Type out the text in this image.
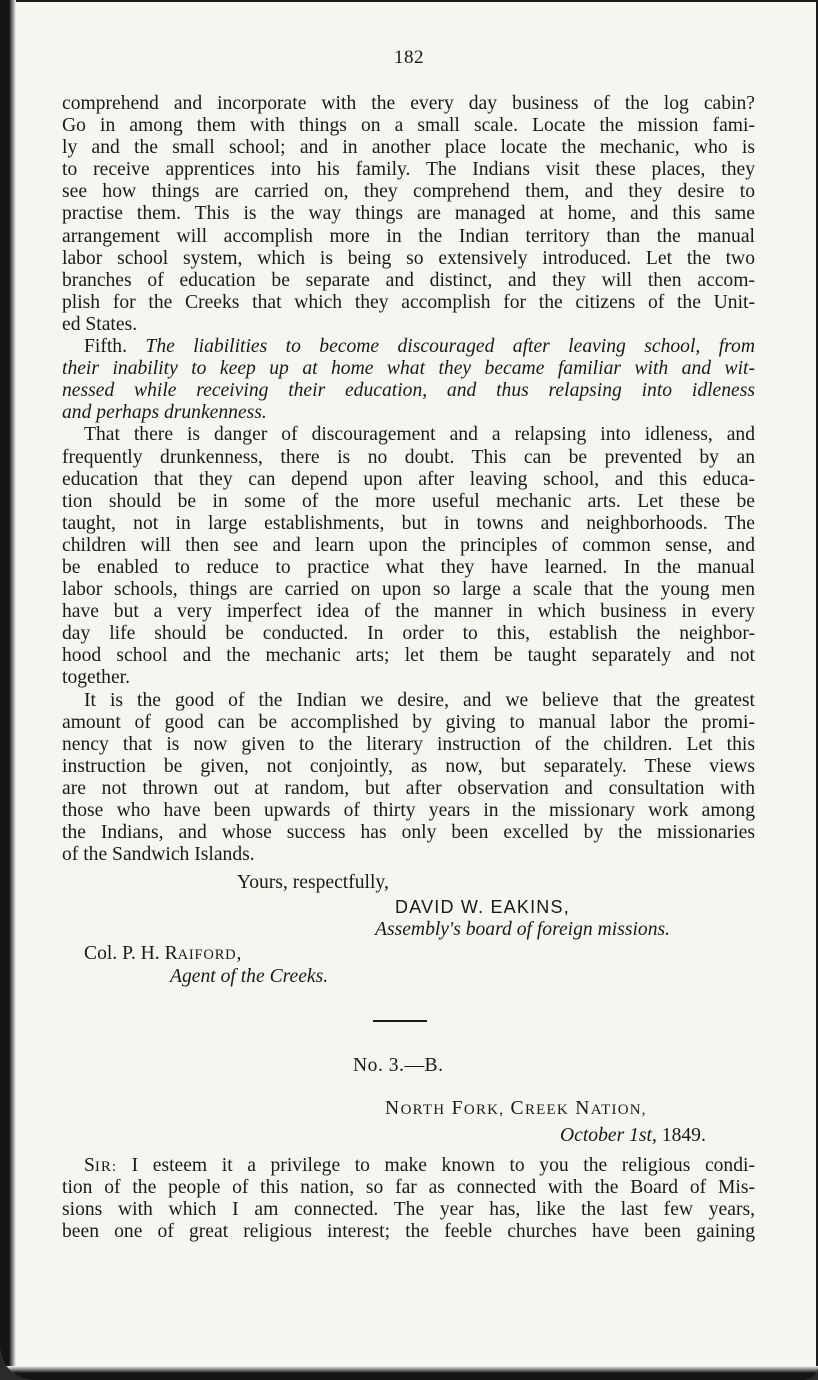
182
comprehend and incorporate with the every day business of the log cabin?
Go in among them with things on a small scale. Locate the mission fami-
ly and the small school; and in another place locate the mechanic, who is
to receive apprentices into his family. The Indians visit these places, they
see how things are carried on, they comprehend them, and they desire to
practise them. This is the way things are managed at home, and this same
arrangement will accomplish more in the Indian territory than the manual
labor school system, which is being so extensively introduced. Let the two
branches of education be separate and distinct, and they will then accom-
plish for the Creeks that which they accomplish for the citizens of the Unit-
ed States.
Fifth. The liabilities to become discouraged after leaving school, from
their inability to keep up at home what they became familiar with and wit-
nessed while receiving their education, and thus relapsing into idleness
and perhaps drunkenness.
That there is danger of discouragement and a relapsing into idleness, and
frequently drunkenness, there is no doubt. This can be prevented by an
education that they can depend upon after leaving school, and this educa-
tion should be in some of the more useful mechanic arts. Let these be
taught, not in large establishments, but in towns and neighborhoods. The
children will then see and learn upon the principles of common sense, and
be enabled to reduce to practice what they have learned. In the manual
labor schools, things are carried on upon so large a scale that the young men
have but a very imperfect idea of the manner in which business in every
day life should be conducted. In order to this, establish the neighbor-
hood school and the mechanic arts; let them be taught separately and not
together.
It is the good of the Indian we desire, and we believe that the greatest
amount of good can be accomplished by giving to manual labor the promi-
nency that is now given to the literary instruction of the children. Let this
instruction be given, not conjointly, as now, but separately. These views
are not thrown out at random, but after observation and consultation with
those who have been upwards of thirty years in the missionary work among
the Indians, and whose success has only been excelled by the missionaries
of the Sandwich Islands.
Yours, respectfully,
DAVID W. EAKINS,
Assembly's board of foreign missions.
Col. P. H. RAIFORD,
Agent of the Creeks.
No. 3.—B.
NORTH FORK, CREEK NATION,
October 1st, 1849.
SIR: I esteem it a privilege to make known to you the religious condi-
tion of the people of this nation, so far as connected with the Board of Mis-
sions with which I am connected. The year has, like the last few years,
been one of great religious interest; the feeble churches have been gaining
